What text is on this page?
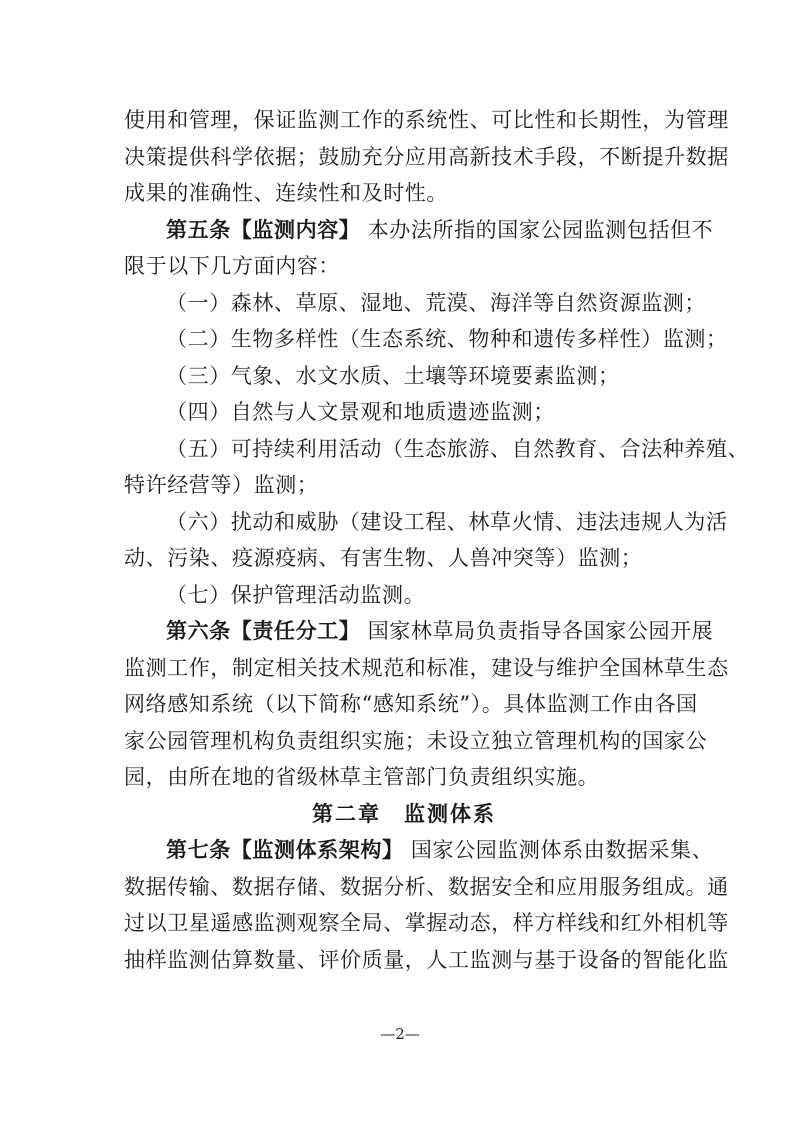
使用和管理，保证监测工作的系统性、可比性和长期性，为管理
决策提供科学依据；鼓励充分应用高新技术手段，不断提升数据
成果的准确性、连续性和及时性。
第五条【监测内容】 本办法所指的国家公园监测包括但不
限于以下几方面内容：
（一）森林、草原、湿地、荒漠、海洋等自然资源监测；
（二）生物多样性（生态系统、物种和遗传多样性）监测；
（三）气象、水文水质、土壤等环境要素监测；
（四）自然与人文景观和地质遗迹监测；
（五）可持续利用活动（生态旅游、自然教育、合法种养殖、
特许经营等）监测；
（六）扰动和威胁（建设工程、林草火情、违法违规人为活
动、污染、疫源疫病、有害生物、人兽冲突等）监测；
（七）保护管理活动监测。
第六条【责任分工】 国家林草局负责指导各国家公园开展
监测工作，制定相关技术规范和标准，建设与维护全国林草生态
网络感知系统（以下简称“感知系统”）。具体监测工作由各国
家公园管理机构负责组织实施；未设立独立管理机构的国家公
园，由所在地的省级林草主管部门负责组织实施。
第二章　监测体系
第七条【监测体系架构】 国家公园监测体系由数据采集、
数据传输、数据存储、数据分析、数据安全和应用服务组成。通
过以卫星遥感监测观察全局、掌握动态，样方样线和红外相机等
抽样监测估算数量、评价质量，人工监测与基于设备的智能化监
—2—
